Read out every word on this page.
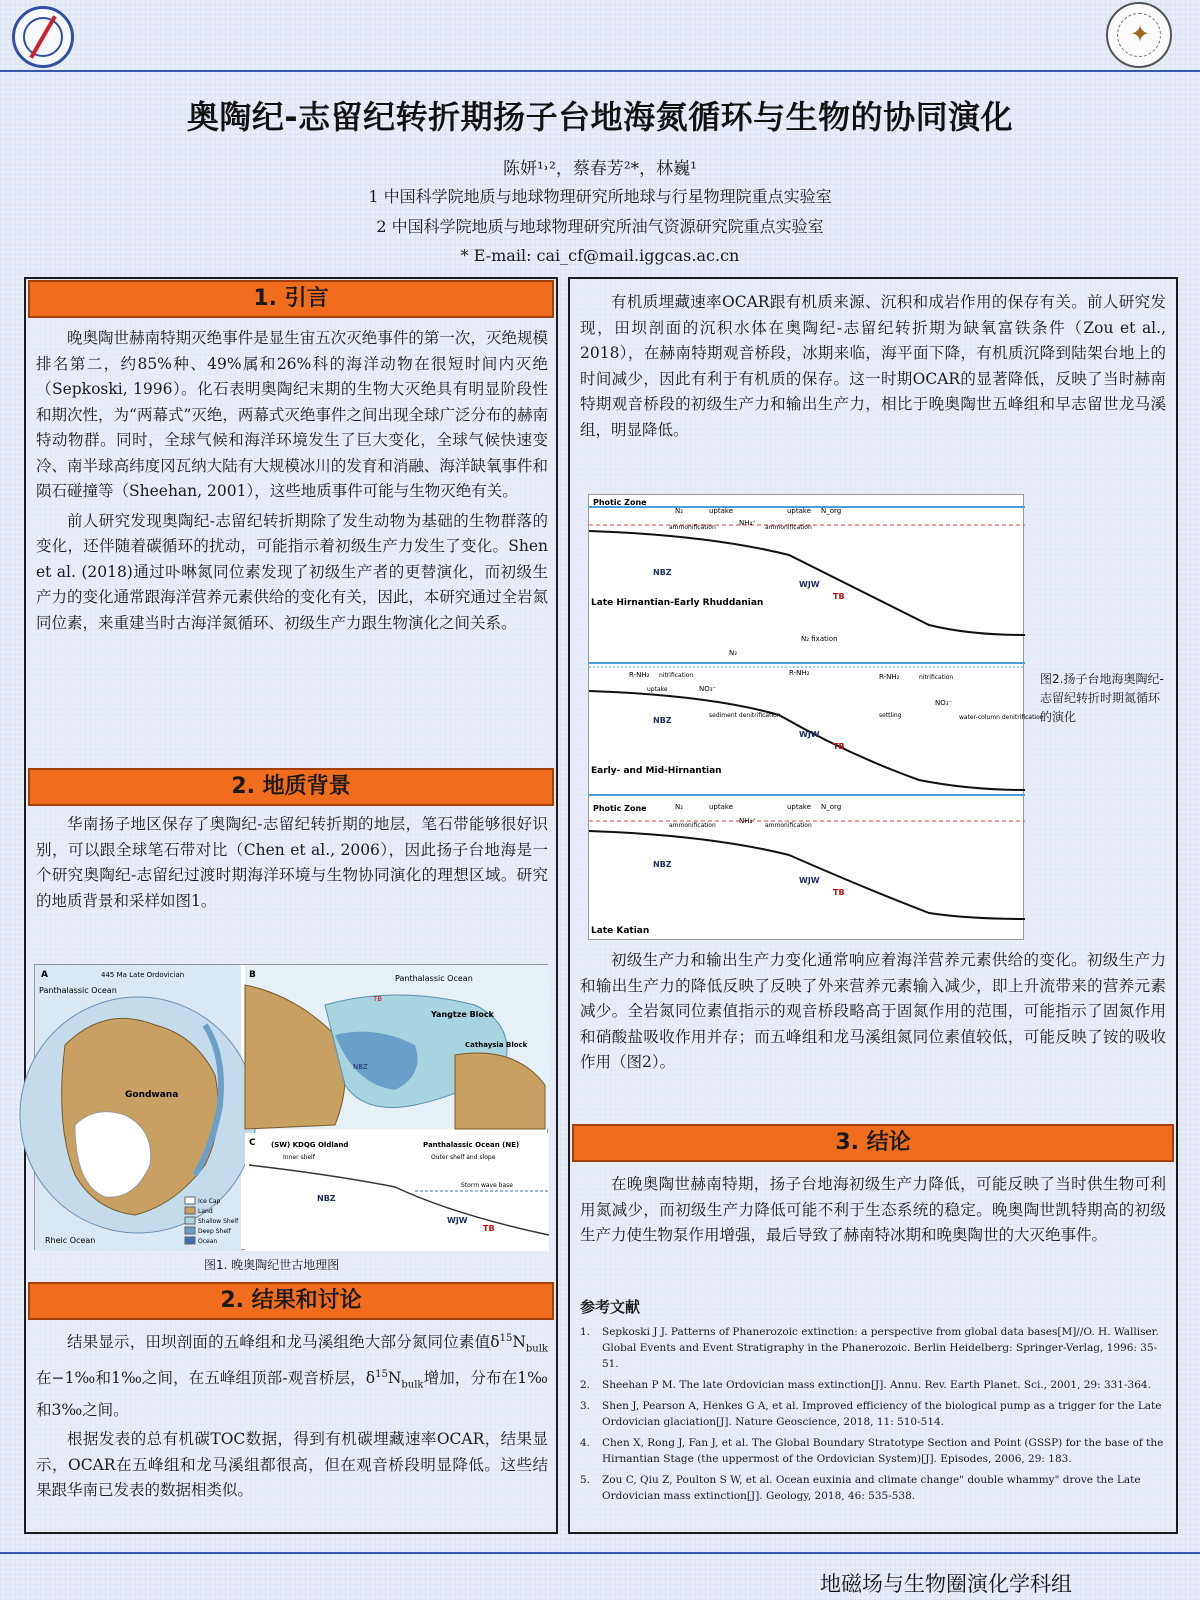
✦
奥陶纪-志留纪转折期扬子台地海氮循环与生物的协同演化
陈妍¹˒²，蔡春芳²*，林巍¹
1 中国科学院地质与地球物理研究所地球与行星物理院重点实验室
2 中国科学院地质与地球物理研究所油气资源研究院重点实验室
* E-mail: cai_cf@mail.iggcas.ac.cn
1. 引言

晚奥陶世赫南特期灭绝事件是显生宙五次灭绝事件的第一次，灭绝规模排名第二，约85%种、49%属和26%科的海洋动物在很短时间内灭绝（Sepkoski, 1996）。化石表明奥陶纪末期的生物大灭绝具有明显阶段性和期次性，为“两幕式”灭绝，两幕式灭绝事件之间出现全球广泛分布的赫南特动物群。同时，全球气候和海洋环境发生了巨大变化，全球气候快速变冷、南半球高纬度冈瓦纳大陆有大规模冰川的发育和消融、海洋缺氧事件和陨石碰撞等（Sheehan, 2001），这些地质事件可能与生物灭绝有关。

前人研究发现奥陶纪-志留纪转折期除了发生动物为基础的生物群落的变化，还伴随着碳循环的扰动，可能指示着初级生产力发生了变化。Shen et al. (2018)通过卟啉氮同位素发现了初级生产者的更替演化，而初级生产力的变化通常跟海洋营养元素供给的变化有关，因此，本研究通过全岩氮同位素，来重建当时古海洋氮循环、初级生产力跟生物演化之间关系。

2. 地质背景

华南扬子地区保存了奥陶纪-志留纪转折期的地层，笔石带能够很好识别，可以跟全球笔石带对比（Chen et al., 2006），因此扬子台地海是一个研究奥陶纪-志留纪过渡时期海洋环境与生物协同演化的理想区域。研究的地质背景和采样如图1。

A	445 Ma Late Ordovician
Panthalassic Ocean
Gondwana
Rheic Ocean
Ice Cap
Land
Shallow Shelf
Deep Shelf
Ocean
B	Panthalassic Ocean
Yangtze Block
Cathaysia Block
NBZ
TB
C (SW) KDQG Oldland	Panthalassic Ocean (NE)
Inner shelf	Outer shelf and slope
Storm wave base
NBZ
WJW
TB
图1. 晚奥陶纪世古地理图
2. 结果和讨论

结果显示，田坝剖面的五峰组和龙马溪组绝大部分氮同位素值$\delta^{15}N_{bulk}$在−1‰和1‰之间，在五峰组顶部-观音桥层，$\delta^{15}N_{bulk}$增加，分布在1‰和3‰之间。

根据发表的总有机碳TOC数据，得到有机碳埋藏速率OCAR，结果显示，OCAR在五峰组和龙马溪组都很高，但在观音桥段明显降低。这些结果跟华南已发表的数据相类似。

有机质埋藏速率OCAR跟有机质来源、沉积和成岩作用的保存有关。前人研究发现，田坝剖面的沉积水体在奥陶纪-志留纪转折期为缺氧富铁条件（Zou et al., 2018），在赫南特期观音桥段，冰期来临，海平面下降，有机质沉降到陆架台地上的时间减少，因此有利于有机质的保存。这一时期OCAR的显著降低，反映了当时赫南特期观音桥段的初级生产力和输出生产力，相比于晚奥陶世五峰组和早志留世龙马溪组，明显降低。

Photic Zone
N₂	uptake	uptake N_org
NH₄⁺
ammonification	ammonification
NBZ
WJW
TB
Late Hirnantian-Early Rhuddanian
N₂ fixation
N₂
R-NH₂	R-NH₂	R-NH₂
nitrification	nitrification
NO₃⁻
NO₃⁻
uptake
sediment denitrification	water-column denitrification
settling
NBZ
WJW
TB
Early- and Mid-Hirnantian
Photic Zone	N₂	uptake	uptake N_org
NH₄⁺
ammonification	ammonification
NBZ
WJW
TB
Late Katian
图2.扬子台地海奥陶纪-志留纪转折时期氮循环的演化

初级生产力和输出生产力变化通常响应着海洋营养元素供给的变化。初级生产力和输出生产力的降低反映了反映了外来营养元素输入减少，即上升流带来的营养元素减少。全岩氮同位素值指示的观音桥段略高于固氮作用的范围，可能指示了固氮作用和硝酸盐吸收作用并存；而五峰组和龙马溪组氮同位素值较低，可能反映了铵的吸收作用（图2）。

3. 结论

在晚奥陶世赫南特期，扬子台地海初级生产力降低，可能反映了当时供生物可利用氮减少，而初级生产力降低可能不利于生态系统的稳定。晚奥陶世凯特期高的初级生产力使生物泵作用增强，最后导致了赫南特冰期和晚奥陶世的大灭绝事件。

参考文献
1.	Sepkoski J J. Patterns of Phanerozoic extinction: a perspective from global data bases[M]//O. H. Walliser. Global Events and Event Stratigraphy in the Phanerozoic. Berlin Heidelberg: Springer-Verlag, 1996: 35-51.
2.	Sheehan P M. The late Ordovician mass extinction[J]. Annu. Rev. Earth Planet. Sci., 2001, 29: 331-364.
3.	Shen J, Pearson A, Henkes G A, et al. Improved efficiency of the biological pump as a trigger for the Late Ordovician glaciation[J]. Nature Geoscience, 2018, 11: 510-514.
4.	Chen X, Rong J, Fan J, et al. The Global Boundary Stratotype Section and Point (GSSP) for the base of the Hirnantian Stage (the uppermost of the Ordovician System)[J]. Episodes, 2006, 29: 183.
5.	Zou C, Qiu Z, Poulton S W, et al. Ocean euxinia and climate change" double whammy" drove the Late Ordovician mass extinction[J]. Geology, 2018, 46: 535-538.
地磁场与生物圈演化学科组
